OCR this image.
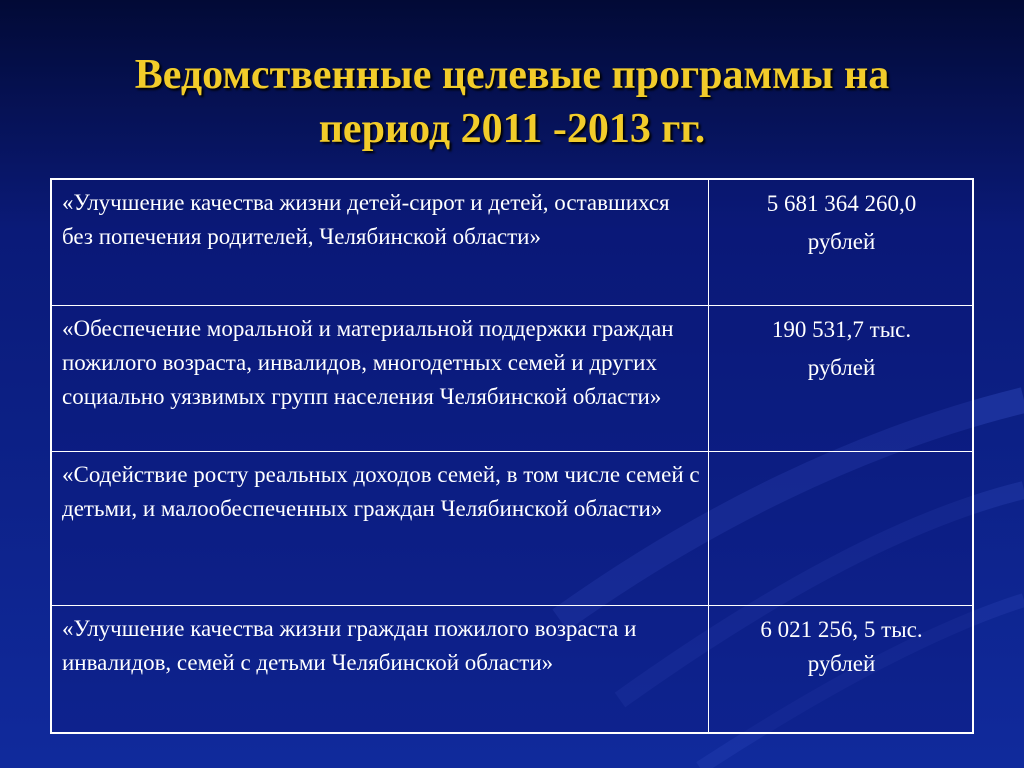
Ведомственные целевые программы на
период 2011 -2013 гг.
«Улучшение качества жизни детей-сирот и детей, оставшихся без попечения родителей, Челябинской области»	5 681 364 260,0
рублей

«Обеспечение моральной и материальной поддержки граждан пожилого возраста, инвалидов, многодетных семей и других социально уязвимых групп населения Челябинской области»	190 531,7 тыс.
рублей

«Содействие росту реальных доходов семей, в том числе семей с детьми, и малообеспеченных граждан Челябинской области»	

«Улучшение качества жизни граждан пожилого возраста и инвалидов, семей с детьми Челябинской области»	6 021 256, 5 тыс.
рублей
